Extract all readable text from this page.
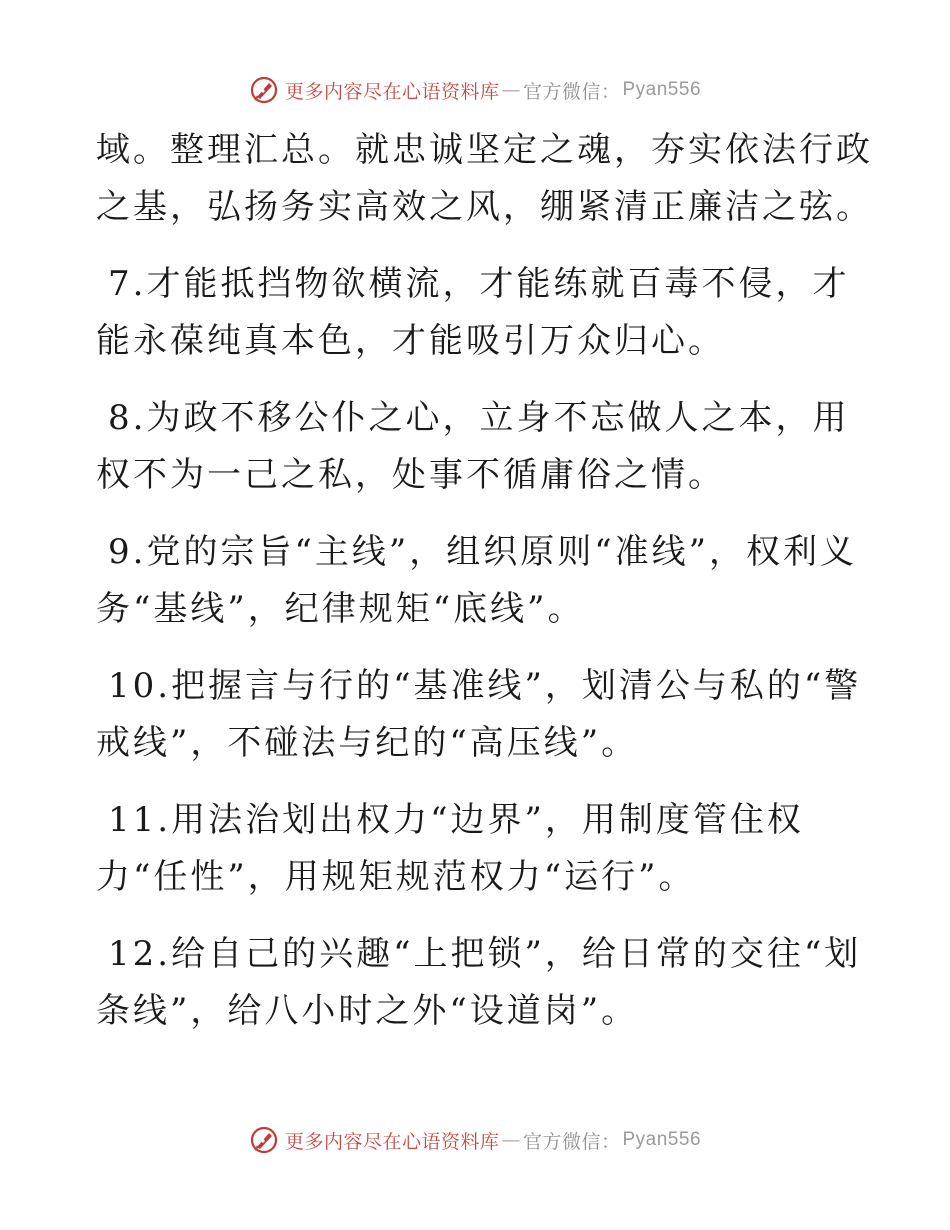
更多内容尽在心语资料库 — 官方微信： Pyan556

域。整理汇总。就忠诚坚定之魂，夯实依法行政之基，弘扬务实高效之风，绷紧清正廉洁之弦。

7.才能抵挡物欲横流，才能练就百毒不侵，才能永葆纯真本色，才能吸引万众归心。

8.为政不移公仆之心，立身不忘做人之本，用权不为一己之私，处事不循庸俗之情。

9.党的宗旨“主线”，组织原则“准线”，权利义务“基线”，纪律规矩“底线”。

10.把握言与行的“基准线”，划清公与私的“警戒线”，不碰法与纪的“高压线”。

11.用法治划出权力“边界”，用制度管住权力“任性”，用规矩规范权力“运行”。

12.给自己的兴趣“上把锁”，给日常的交往“划条线”，给八小时之外“设道岗”。

更多内容尽在心语资料库 — 官方微信： Pyan556
